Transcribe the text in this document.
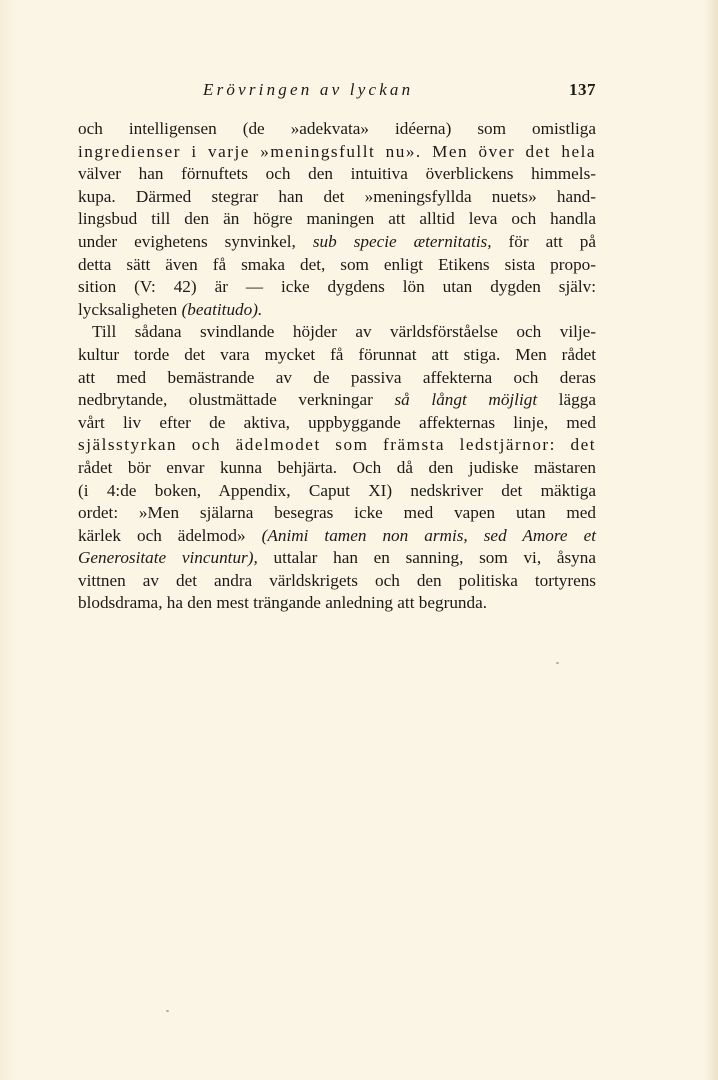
Erövringen av lyckan	137
och intelligensen (de »adekvata» idéerna) som omistliga
ingredienser i varje »meningsfullt nu». Men över det hela
välver han förnuftets och den intuitiva överblickens himmels-
kupa. Därmed stegrar han det »meningsfyllda nuets» hand-
lingsbud till den än högre maningen att alltid leva och handla
under evighetens synvinkel, sub specie æternitatis, för att på
detta sätt även få smaka det, som enligt Etikens sista propo-
sition (V: 42) är — icke dygdens lön utan dygden själv:
lycksaligheten (beatitudo).
Till sådana svindlande höjder av världsförståelse och vilje-
kultur torde det vara mycket få förunnat att stiga. Men rådet
att med bemästrande av de passiva affekterna och deras
nedbrytande, olustmättade verkningar så långt möjligt lägga
vårt liv efter de aktiva, uppbyggande affekternas linje, med
själsstyrkan och ädelmodet som främsta ledstjärnor: det
rådet bör envar kunna behjärta. Och då den judiske mästaren
(i 4:de boken, Appendix, Caput XI) nedskriver det mäktiga
ordet: »Men själarna besegras icke med vapen utan med
kärlek och ädelmod» (Animi tamen non armis, sed Amore et
Generositate vincuntur), uttalar han en sanning, som vi, åsyna
vittnen av det andra världskrigets och den politiska tortyrens
blodsdrama, ha den mest trängande anledning att begrunda.
